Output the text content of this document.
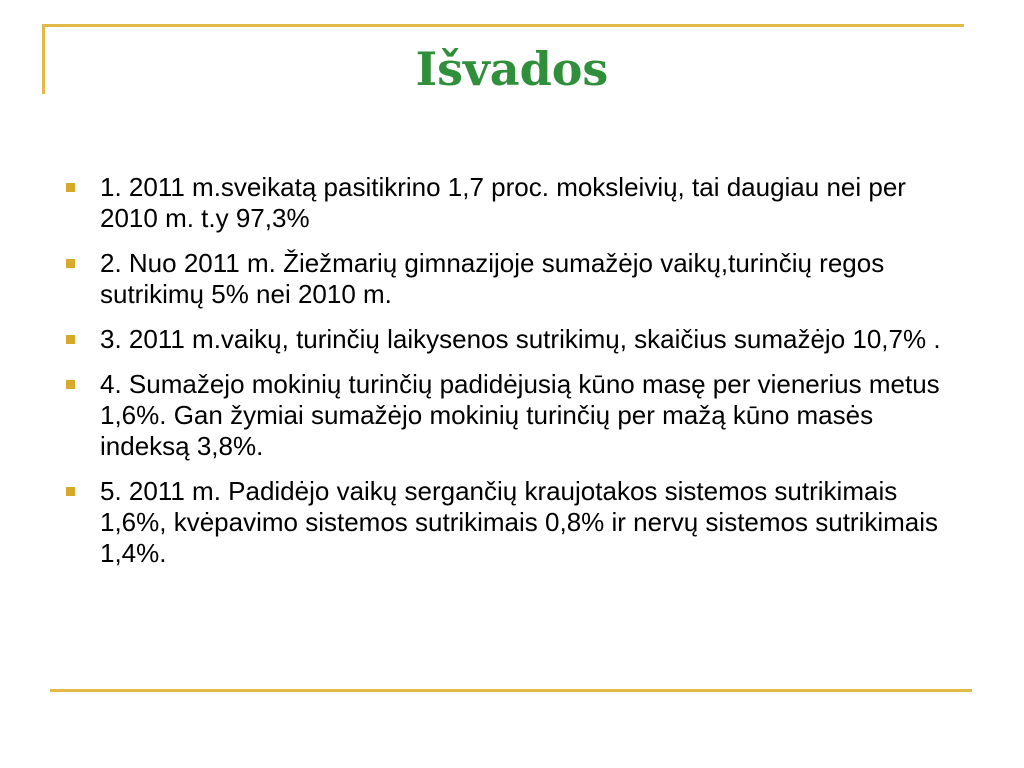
Išvados
1. 2011 m.sveikatą pasitikrino 1,7 proc. moksleivių, tai daugiau nei per 2010 m. t.y 97,3%
2. Nuo 2011 m. Žiežmarių gimnazijoje sumažėjo vaikų,turinčių regos sutrikimų 5% nei 2010 m.
3. 2011 m.vaikų, turinčių laikysenos sutrikimų, skaičius sumažėjo 10,7% .
4. Sumažejo mokinių turinčių padidėjusią kūno masę per vienerius metus 1,6%. Gan žymiai sumažėjo mokinių turinčių per mažą kūno masės indeksą 3,8%.
5. 2011 m. Padidėjo vaikų sergančių kraujotakos sistemos sutrikimais 1,6%, kvėpavimo sistemos sutrikimais 0,8% ir nervų sistemos sutrikimais 1,4%.
